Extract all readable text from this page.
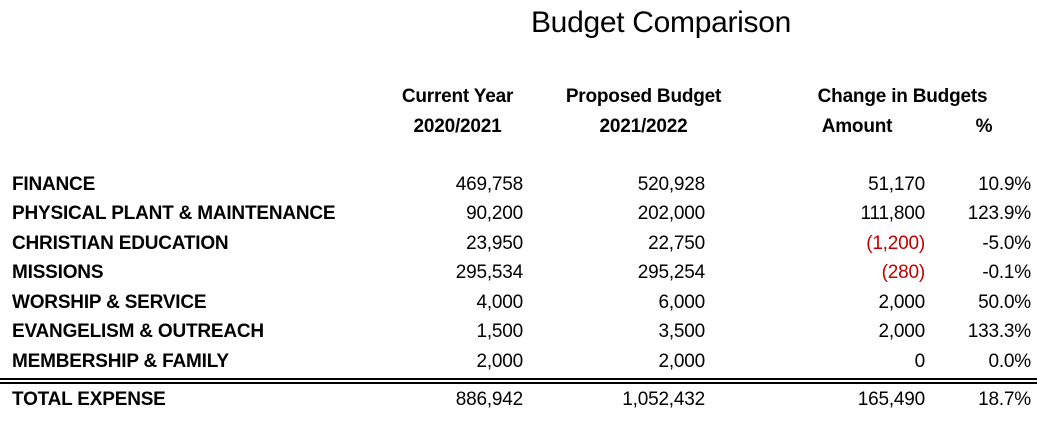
Budget Comparison
Current Year	Proposed Budget	Change in Budgets
2020/2021	2021/2022	Amount	%
FINANCE	469,758	520,928	51,170	10.9%
PHYSICAL PLANT & MAINTENANCE	90,200	202,000	111,800	123.9%
CHRISTIAN EDUCATION	23,950	22,750	(1,200)	-5.0%
MISSIONS	295,534	295,254	(280)	-0.1%
WORSHIP & SERVICE	4,000	6,000	2,000	50.0%
EVANGELISM & OUTREACH	1,500	3,500	2,000	133.3%
MEMBERSHIP & FAMILY	2,000	2,000	0	0.0%
TOTAL EXPENSE	886,942	1,052,432	165,490	18.7%
